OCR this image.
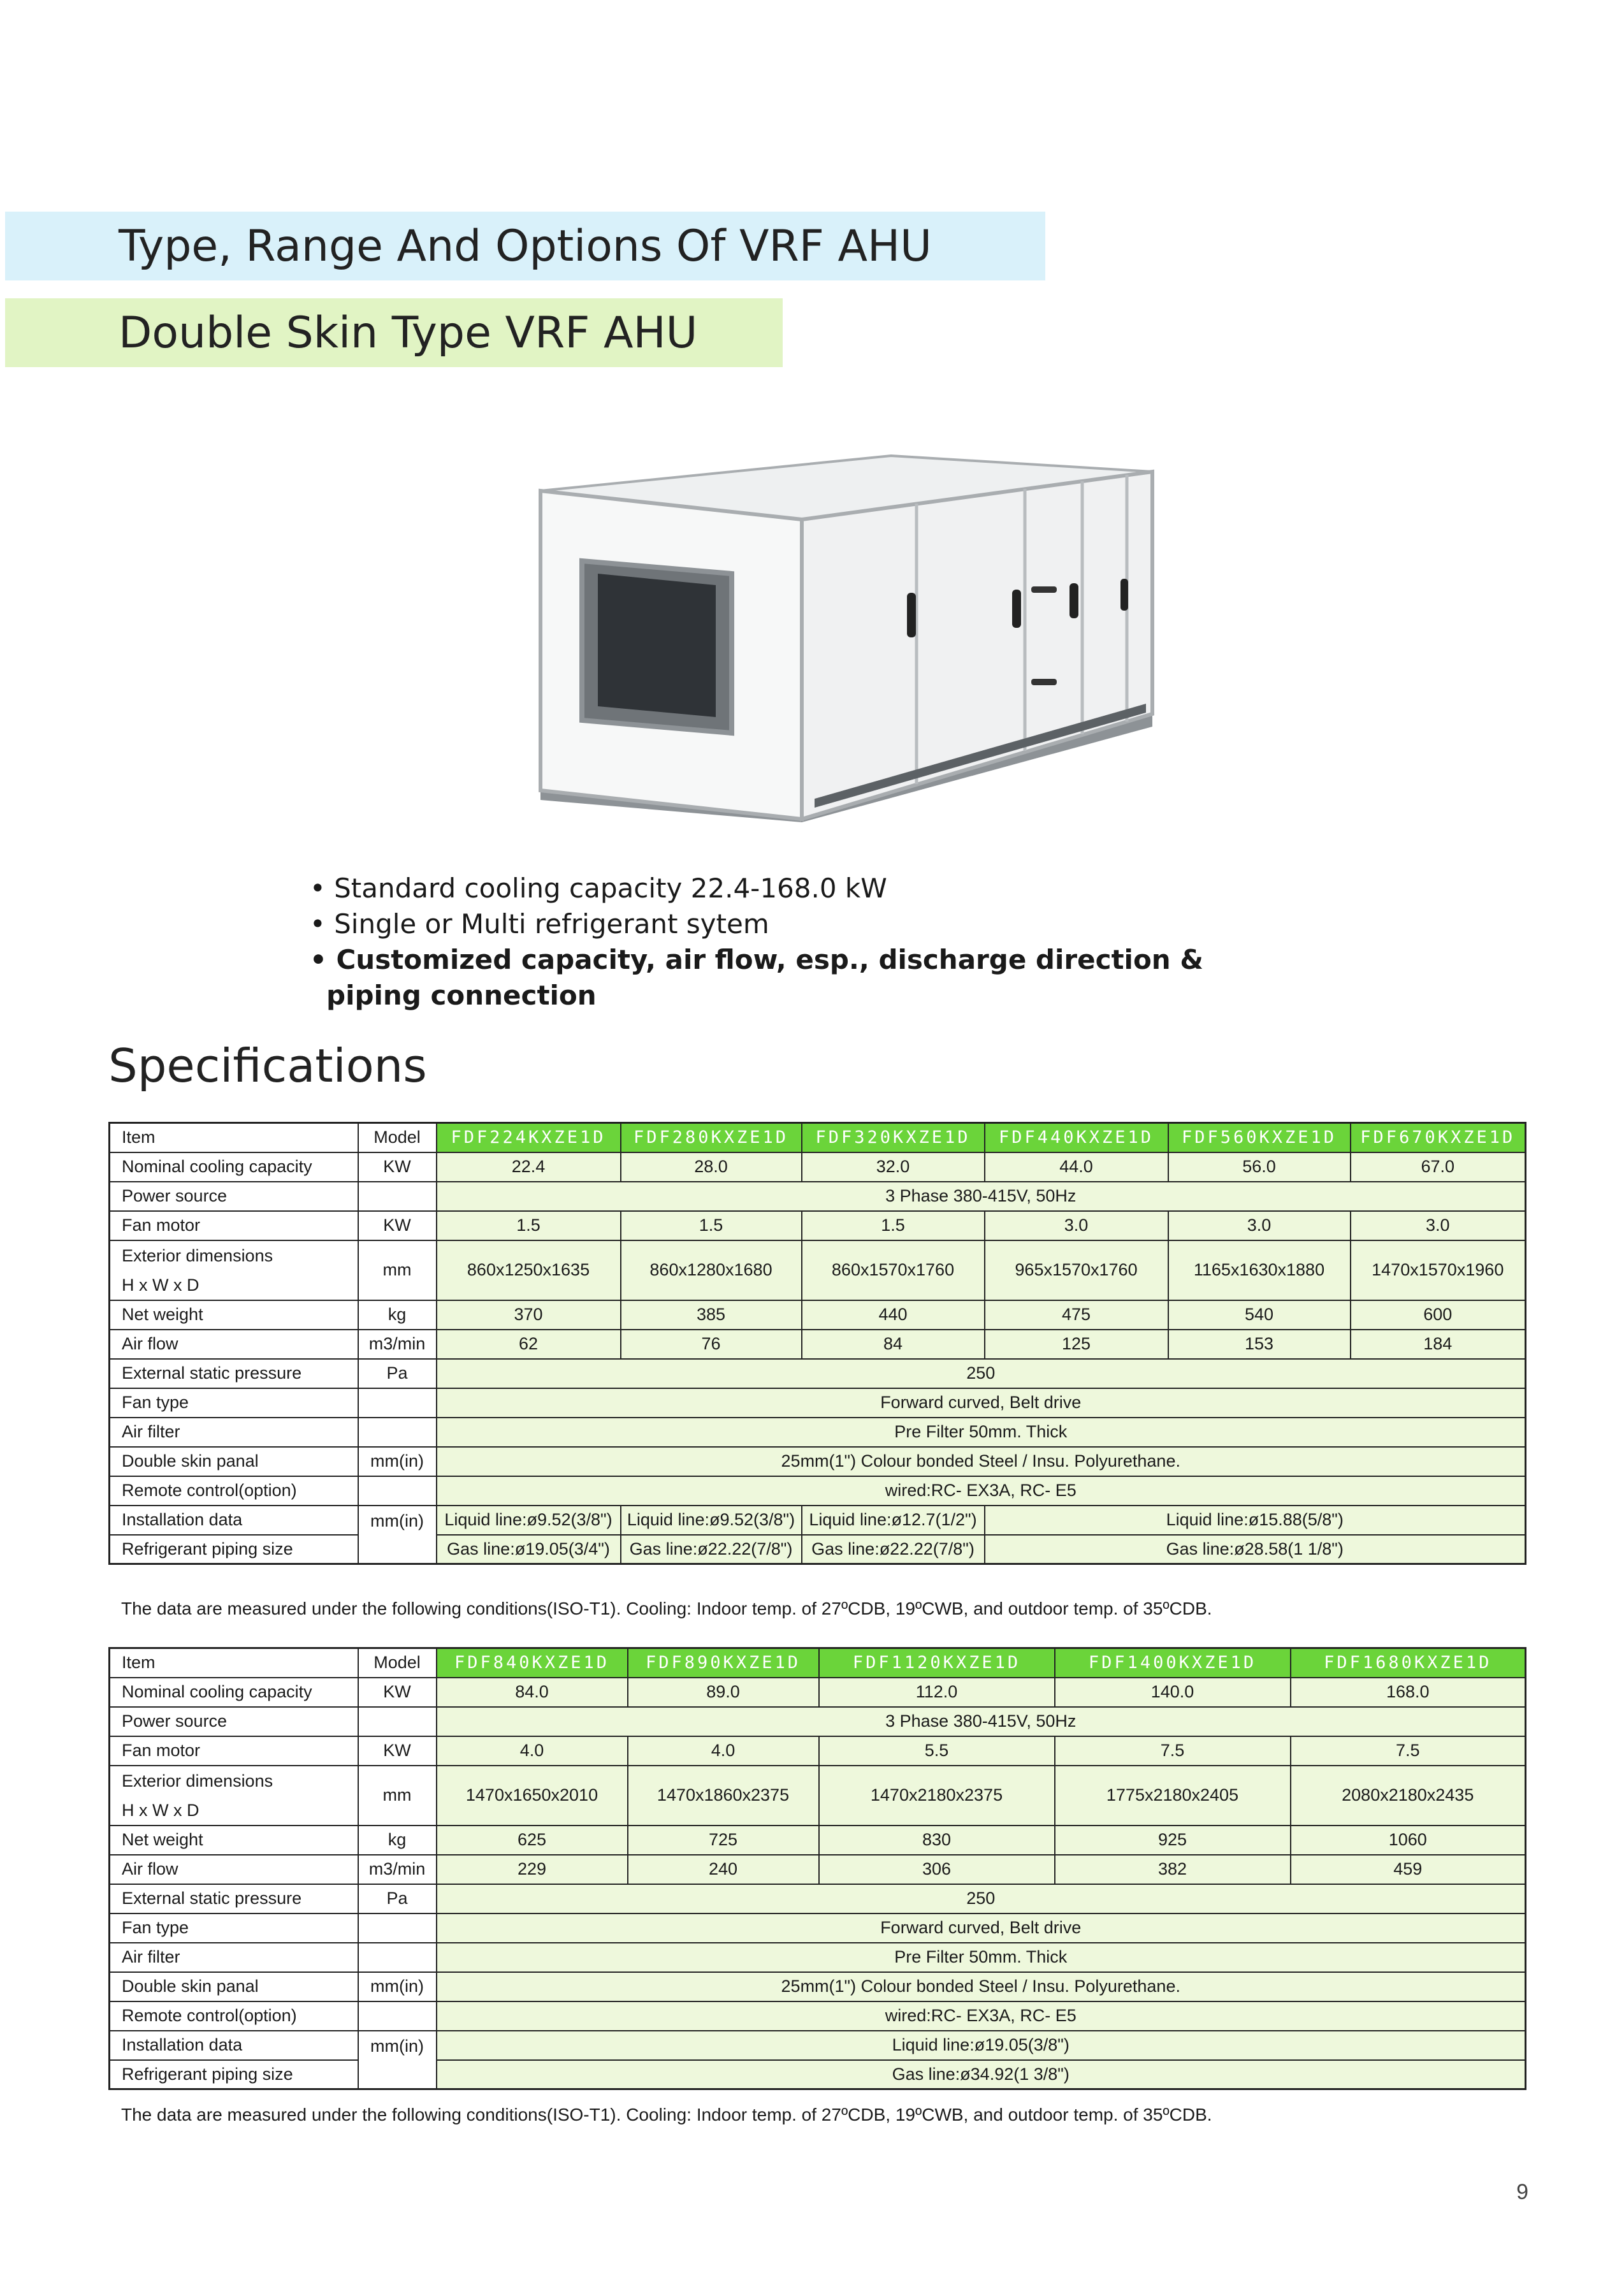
Type, Range And Options Of VRF AHU
Double Skin Type VRF AHU
• Standard cooling capacity 22.4-168.0 kW
• Single or Multi refrigerant sytem
• Customized capacity, air flow, esp., discharge direction & piping connection
Specifications
Item	Model	FDF224KXZE1D	FDF280KXZE1D	FDF320KXZE1D	FDF440KXZE1D	FDF560KXZE1D	FDF670KXZE1D
Nominal cooling capacity	KW	22.4	28.0	32.0	44.0	56.0	67.0
Power source		3 Phase 380-415V, 50Hz					
Fan motor	KW	1.5	1.5	1.5	3.0	3.0	3.0

Exterior dimensions
H x W x D	mm	860x1250x1635	860x1280x1680	860x1570x1760	965x1570x1760	1165x1630x1880	1470x1570x1960
Net weight	kg	370	385	440	475	540	600
Air flow	m3/min	62	76	84	125	153	184
External static pressure	Pa	250					
Fan type		Forward curved, Belt drive					
Air filter		Pre Filter 50mm. Thick					
Double skin panal	mm(in)	25mm(1") Colour bonded Steel / Insu. Polyurethane.					
Remote control(option)		wired:RC- EX3A, RC- E5					
Installation data	mm(in)	Liquid line:ø9.52(3/8")	Liquid line:ø9.52(3/8")	Liquid line:ø12.7(1/2")	Liquid line:ø15.88(5/8")		
Refrigerant piping size		Gas line:ø19.05(3/4")	Gas line:ø22.22(7/8")	Gas line:ø22.22(7/8")	Gas line:ø28.58(1 1/8")		
The data are measured under the following conditions(ISO-T1). Cooling: Indoor temp. of 27ºCDB, 19ºCWB, and outdoor temp. of 35ºCDB.
Item	Model	FDF840KXZE1D	FDF890KXZE1D	FDF1120KXZE1D	FDF1400KXZE1D	FDF1680KXZE1D
Nominal cooling capacity	KW	84.0	89.0	112.0	140.0	168.0
Power source		3 Phase 380-415V, 50Hz				
Fan motor	KW	4.0	4.0	5.5	7.5	7.5

Exterior dimensions
H x W x D	mm	1470x1650x2010	1470x1860x2375	1470x2180x2375	1775x2180x2405	2080x2180x2435
Net weight	kg	625	725	830	925	1060
Air flow	m3/min	229	240	306	382	459
External static pressure	Pa	250				
Fan type		Forward curved, Belt drive				
Air filter		Pre Filter 50mm. Thick				
Double skin panal	mm(in)	25mm(1") Colour bonded Steel / Insu. Polyurethane.				
Remote control(option)		wired:RC- EX3A, RC- E5				
Installation data	mm(in)	Liquid line:ø19.05(3/8")				
Refrigerant piping size		Gas line:ø34.92(1 3/8")				
The data are measured under the following conditions(ISO-T1). Cooling: Indoor temp. of 27ºCDB, 19ºCWB, and outdoor temp. of 35ºCDB.
9
